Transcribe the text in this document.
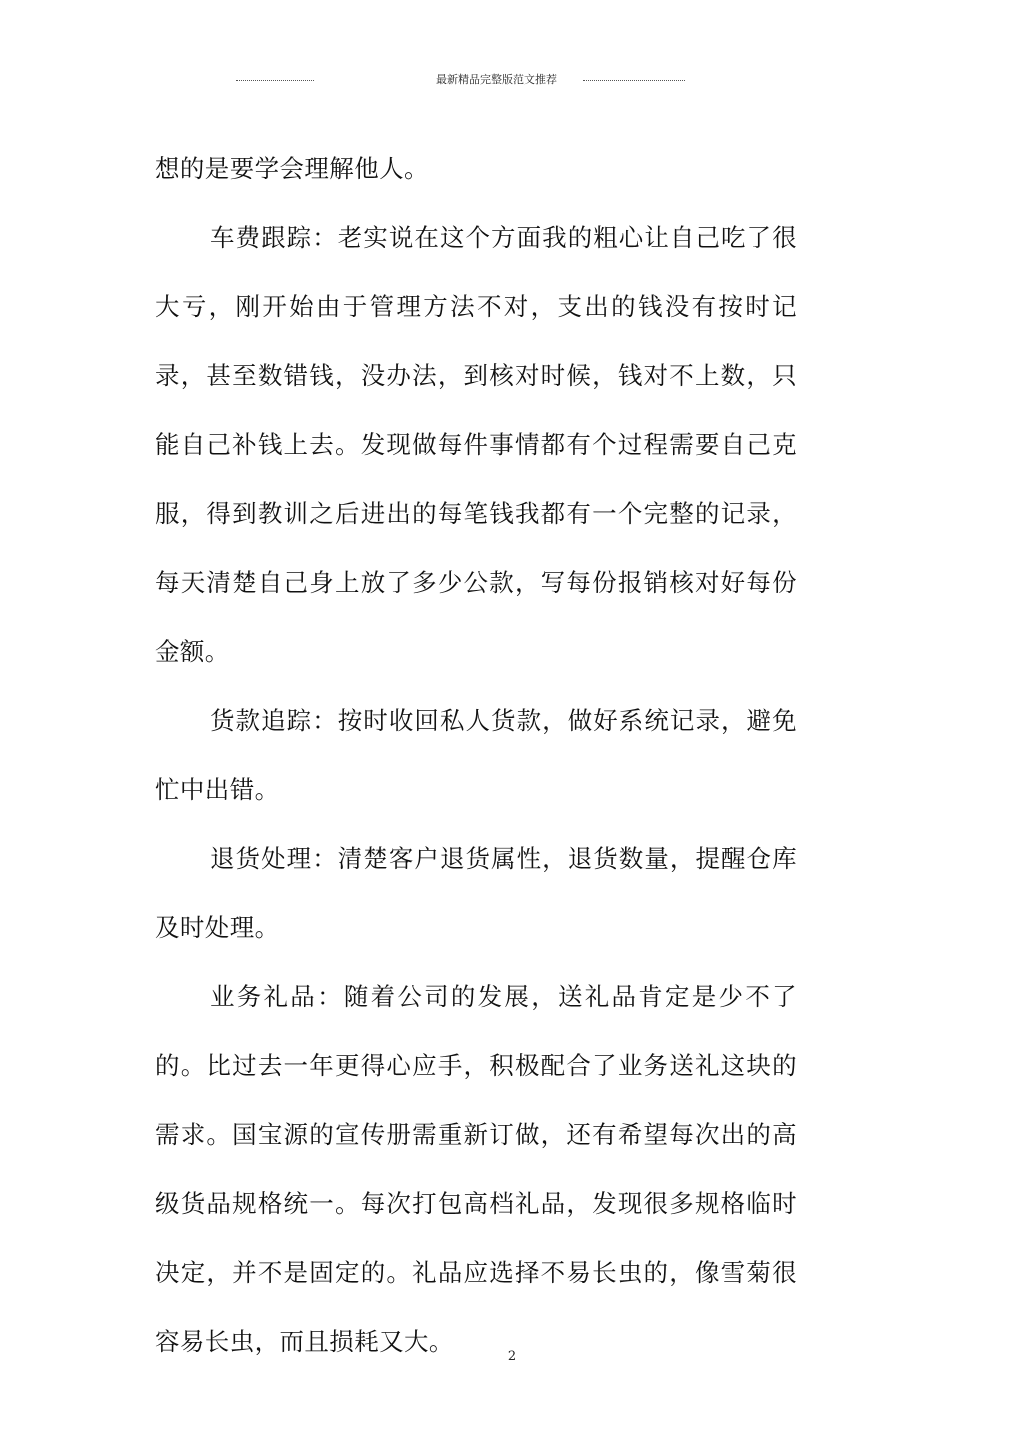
最新精品完整版范文推荐

想的是要学会理解他人。

车费跟踪：老实说在这个方面我的粗心让自己吃了很大亏，刚开始由于管理方法不对，支出的钱没有按时记录，甚至数错钱，没办法，到核对时候，钱对不上数，只能自己补钱上去。发现做每件事情都有个过程需要自己克服，得到教训之后进出的每笔钱我都有一个完整的记录，每天清楚自己身上放了多少公款，写每份报销核对好每份金额。

货款追踪：按时收回私人货款，做好系统记录，避免忙中出错。

退货处理：清楚客户退货属性，退货数量，提醒仓库及时处理。

业务礼品：随着公司的发展，送礼品肯定是少不了的。比过去一年更得心应手，积极配合了业务送礼这块的需求。国宝源的宣传册需重新订做，还有希望每次出的高级货品规格统一。每次打包高档礼品，发现很多规格临时决定，并不是固定的。礼品应选择不易长虫的，像雪菊很容易长虫，而且损耗又大。

2
